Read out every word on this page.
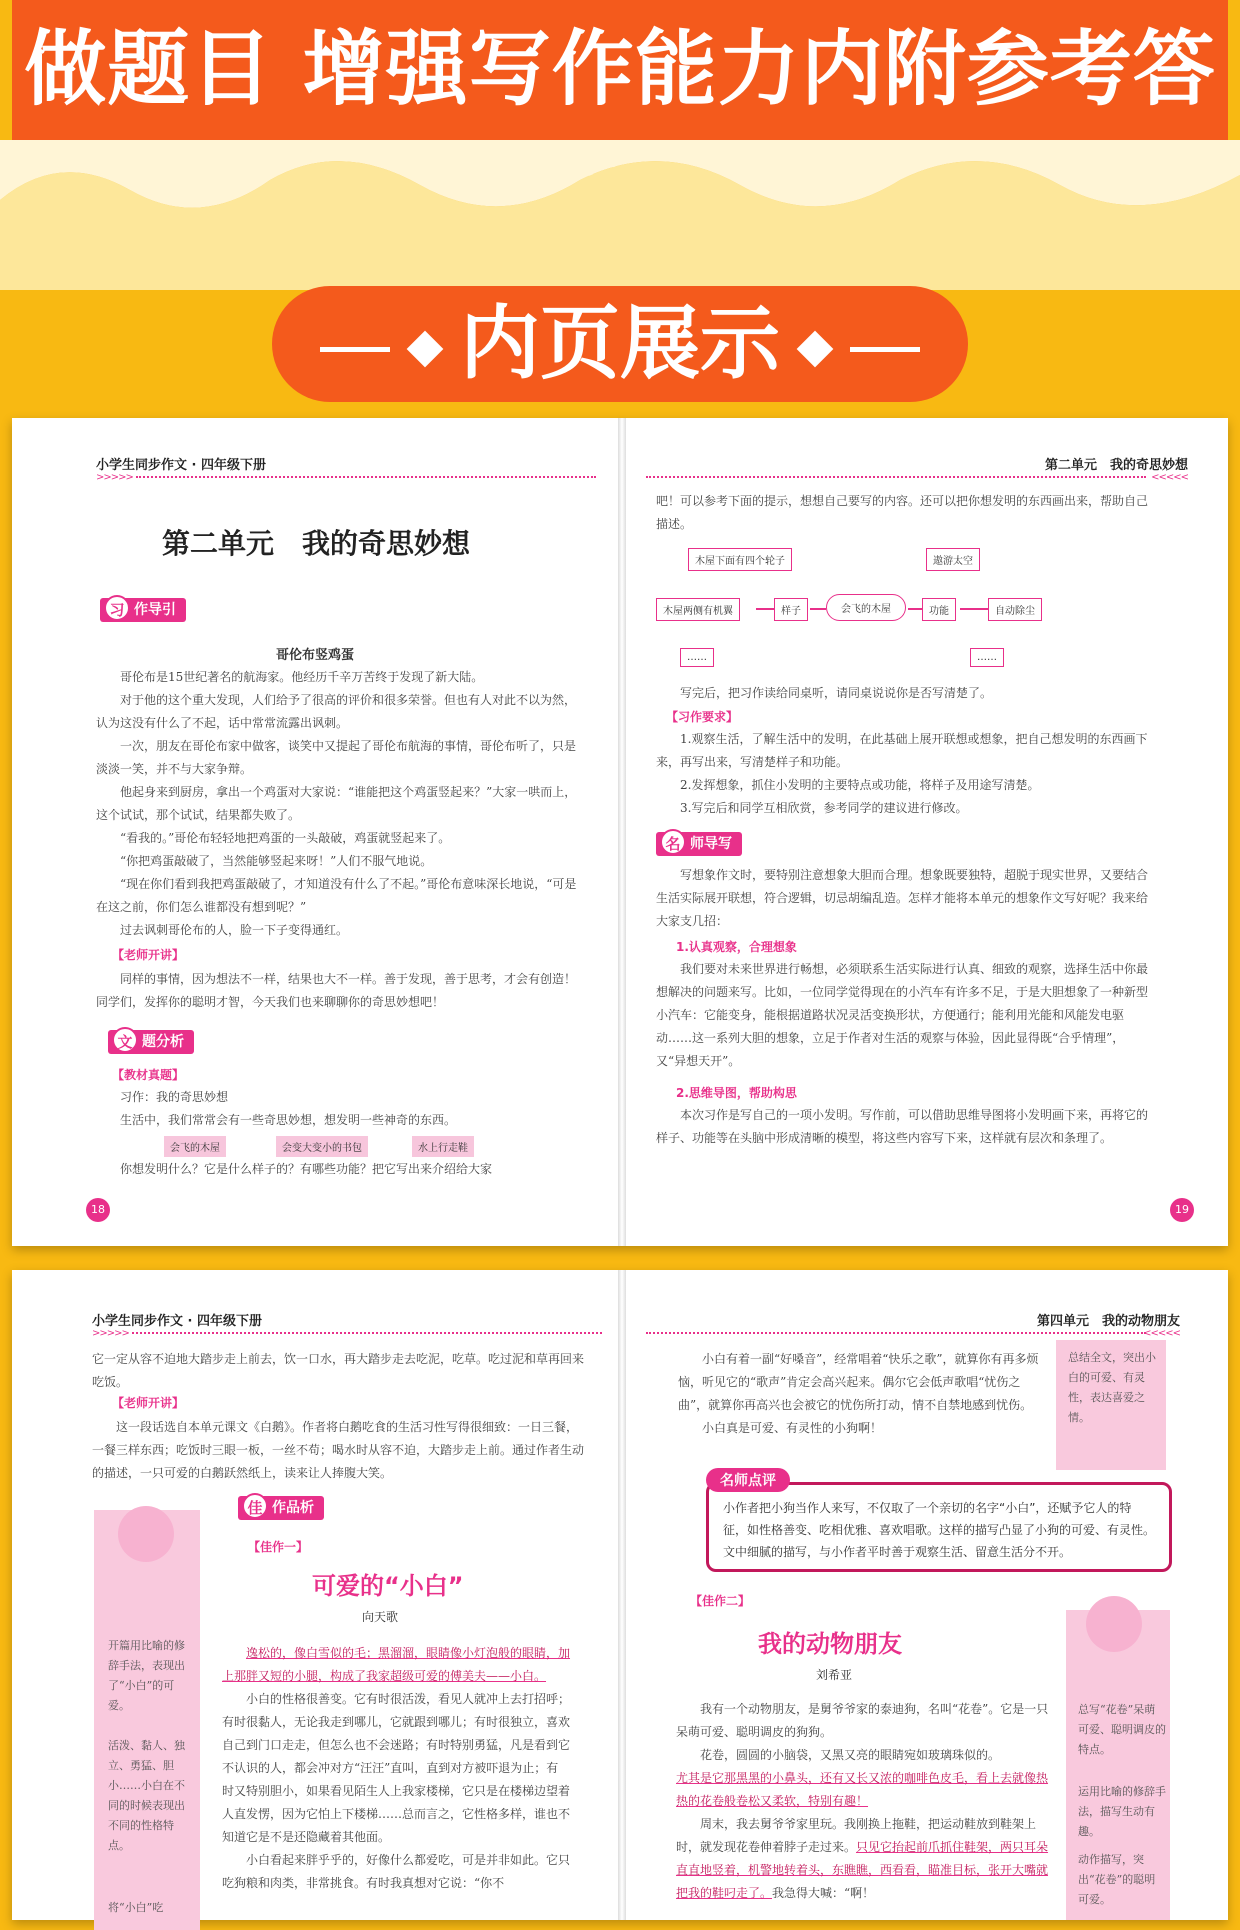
做题目 增强写作能力内附参考答
内页展示
小学生同步作文 · 四年级下册
>>>>>
第二单元　我的奇思妙想
习 作导引
哥伦布竖鸡蛋

哥伦布是15世纪著名的航海家。他经历千辛万苦终于发现了新大陆。

对于他的这个重大发现，人们给予了很高的评价和很多荣誉。但也有人对此不以为然，认为这没有什么了不起，话中常常流露出讽刺。

一次，朋友在哥伦布家中做客，谈笑中又提起了哥伦布航海的事情，哥伦布听了，只是淡淡一笑，并不与大家争辩。

他起身来到厨房，拿出一个鸡蛋对大家说：“谁能把这个鸡蛋竖起来？”大家一哄而上，这个试试，那个试试，结果都失败了。

“看我的。”哥伦布轻轻地把鸡蛋的一头敲破，鸡蛋就竖起来了。

“你把鸡蛋敲破了，当然能够竖起来呀！”人们不服气地说。

“现在你们看到我把鸡蛋敲破了，才知道没有什么了不起。”哥伦布意味深长地说，“可是在这之前，你们怎么谁都没有想到呢？”

过去讽刺哥伦布的人，脸一下子变得通红。

【老师开讲】

同样的事情，因为想法不一样，结果也大不一样。善于发现，善于思考，才会有创造！同学们，发挥你的聪明才智，今天我们也来聊聊你的奇思妙想吧！

文 题分析
【教材真题】

习作：我的奇思妙想

生活中，我们常常会有一些奇思妙想，想发明一些神奇的东西。

会飞的木屋	会变大变小的书包	水上行走鞋

你想发明什么？它是什么样子的？有哪些功能？把它写出来介绍给大家

18
第二单元　我的奇思妙想
<<<<<

吧！可以参考下面的提示，想想自己要写的内容。还可以把你想发明的东西画出来，帮助自己描述。

木屋下面有四个轮子
木屋两侧有机翼
……
样子	会飞的木屋	功能
遨游太空
自动除尘
……

写完后，把习作读给同桌听，请同桌说说你是否写清楚了。

【习作要求】

1.观察生活，了解生活中的发明，在此基础上展开联想或想象，把自己想发明的东西画下来，再写出来，写清楚样子和功能。

2.发挥想象，抓住小发明的主要特点或功能，将样子及用途写清楚。

3.写完后和同学互相欣赏，参考同学的建议进行修改。

名 师导写

写想象作文时，要特别注意想象大胆而合理。想象既要独特，超脱于现实世界，又要结合生活实际展开联想，符合逻辑，切忌胡编乱造。怎样才能将本单元的想象作文写好呢？我来给大家支几招：

1.认真观察，合理想象

我们要对未来世界进行畅想，必须联系生活实际进行认真、细致的观察，选择生活中你最想解决的问题来写。比如，一位同学觉得现在的小汽车有许多不足，于是大胆想象了一种新型小汽车：它能变身，能根据道路状况灵活变换形状，方便通行；能利用光能和风能发电驱动……这一系列大胆的想象，立足于作者对生活的观察与体验，因此显得既“合乎情理”，又“异想天开”。

2.思维导图，帮助构思

本次习作是写自己的一项小发明。写作前，可以借助思维导图将小发明画下来，再将它的样子、功能等在头脑中形成清晰的模型，将这些内容写下来，这样就有层次和条理了。

19
小学生同步作文 · 四年级下册
>>>>>

它一定从容不迫地大踏步走上前去，饮一口水，再大踏步走去吃泥，吃草。吃过泥和草再回来吃饭。

【老师开讲】

这一段话选自本单元课文《白鹅》。作者将白鹅吃食的生活习性写得很细致：一日三餐，一餐三样东西；吃饭时三眼一板，一丝不苟；喝水时从容不迫，大踏步走上前。通过作者生动的描述，一只可爱的白鹅跃然纸上，读来让人捧腹大笑。

佳 作品析
【佳作一】
可爱的“小白”
向天歌

逸松的，像白雪似的毛；黑溜溜，眼睛像小灯泡般的眼睛，加上那胖又短的小腿，构成了我家超级可爱的傅美夫——小白。

小白的性格很善变。它有时很活泼，看见人就冲上去打招呼；有时很黏人，无论我走到哪儿，它就跟到哪儿；有时很独立，喜欢自己到门口走走，但怎么也不会迷路；有时特别勇猛，凡是看到它不认识的人，都会冲对方“汪汪”直叫，直到对方被吓退为止；有时又特别胆小，如果看见陌生人上我家楼梯，它只是在楼梯边望着人直发愣，因为它怕上下楼梯……总而言之，它性格多样，谁也不知道它是不是还隐藏着其他面。

小白看起来胖乎乎的，好像什么都爱吃，可是并非如此。它只吃狗粮和肉类，非常挑食。有时我真想对它说：“你不

开篇用比喻的修辞手法，表现出了“小白”的可爱。
活泼、黏人、独立、勇猛、胆小……小白在不同的时候表现出不同的性格特点。
将“小白”吃
第四单元　我的动物朋友
<<<<<
总结全文，突出小白的可爱、有灵性，表达喜爱之情。

小白有着一副“好嗓音”，经常唱着“快乐之歌”，就算你有再多烦恼，听见它的“歌声”肯定会高兴起来。偶尔它会低声歌唱“忧伤之曲”，就算你再高兴也会被它的忧伤所打动，情不自禁地感到忧伤。

小白真是可爱、有灵性的小狗啊！

小作者把小狗当作人来写，不仅取了一个亲切的名字“小白”，还赋予它人的特征，如性格善变、吃相优雅、喜欢唱歌。这样的描写凸显了小狗的可爱、有灵性。文中细腻的描写，与小作者平时善于观察生活、留意生活分不开。
名师点评
【佳作二】
我的动物朋友
刘希亚
总写“花卷”呆萌可爱、聪明调皮的特点。
运用比喻的修辞手法，描写生动有趣。
动作描写，突出“花卷”的聪明可爱。

我有一个动物朋友，是舅爷爷家的泰迪狗，名叫“花卷”。它是一只呆萌可爱、聪明调皮的狗狗。

花卷，圆圆的小脑袋，又黑又亮的眼睛宛如玻璃珠似的。

尤其是它那黑黑的小鼻头，还有又长又浓的咖啡色皮毛，看上去就像热热的花卷般卷松又柔软，特别有趣！

周末，我去舅爷爷家里玩。我刚换上拖鞋，把运动鞋放到鞋架上时，就发现花卷伸着脖子走过来。只见它抬起前爪抓住鞋架，两只耳朵直直地竖着，机警地转着头，东瞧瞧，西看看，瞄准目标，张开大嘴就把我的鞋叼走了。我急得大喊：“啊！
